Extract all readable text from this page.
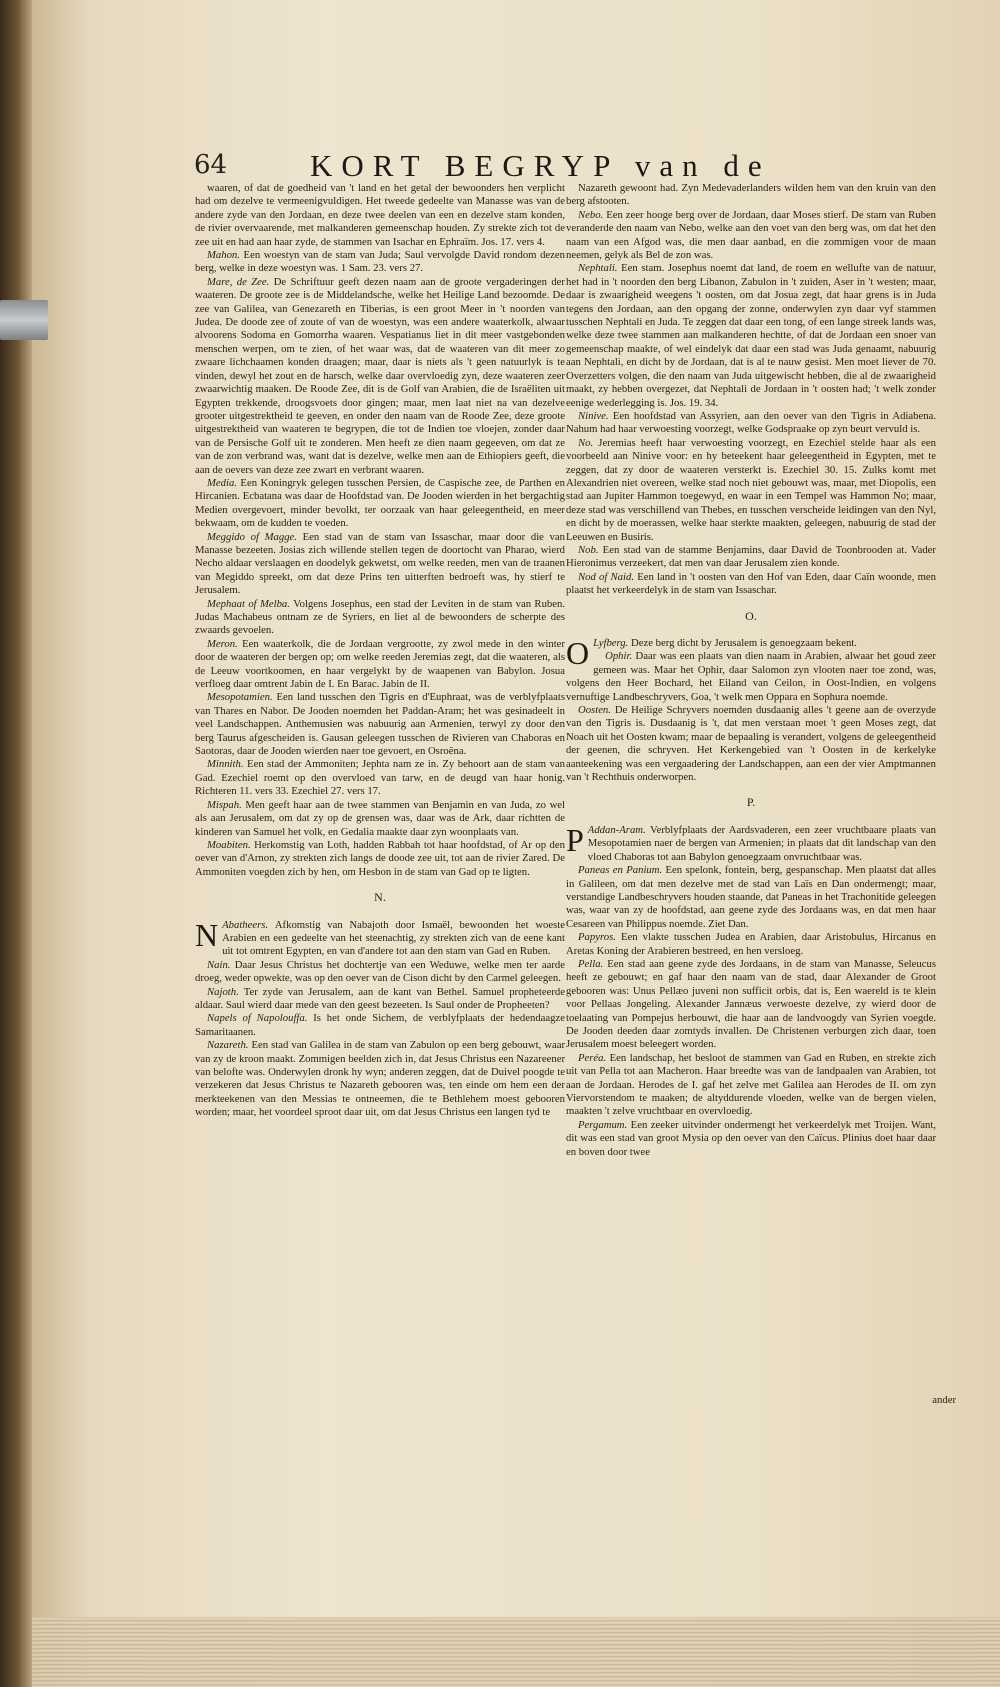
64	KORT BEGRYP van de

waaren, of dat de goedheid van 't land en het getal der bewoonders hen verplicht had om dezelve te vermeenigvuldigen. Het tweede gedeelte van Manasse was van de andere zyde van den Jordaan, en deze twee deelen van een en dezelve stam konden, de rivier overvaarende, met malkanderen gemeenschap houden. Zy strekte zich tot de zee uit en had aan haar zyde, de stammen van Isachar en Ephraïm. Jos. 17. vers 4.

Mahon. Een woestyn van de stam van Juda; Saul vervolgde David rondom dezen berg, welke in deze woestyn was. 1 Sam. 23. vers 27.

Mare, de Zee. De Schriftuur geeft dezen naam aan de groote vergaderingen der waateren. De groote zee is de Middelandsche, welke het Heilige Land bezoomde. De zee van Galilea, van Genezareth en Tiberias, is een groot Meer in 't noorden van Judea. De doode zee of zoute of van de woestyn, was een andere waaterkolk, alwaar alvoorens Sodoma en Gomorrha waaren. Vespatianus liet in dit meer vastgebonden menschen werpen, om te zien, of het waar was, dat de waateren van dit meer zo zwaare lichchaamen konden draagen; maar, daar is niets als 't geen natuurlyk is te vinden, dewyl het zout en de harsch, welke daar overvloedig zyn, deze waateren zeer zwaarwichtig maaken. De Roode Zee, dit is de Golf van Arabien, die de Israëliten uit Egypten trekkende, droogsvoets door gingen; maar, men laat niet na van dezelve grooter uitgestrektheid te geeven, en onder den naam van de Roode Zee, deze groote uitgestrektheid van waateren te begrypen, die tot de Indien toe vloejen, zonder daar van de Persische Golf uit te zonderen. Men heeft ze dien naam gegeeven, om dat ze van de zon verbrand was, want dat is dezelve, welke men aan de Ethiopiers geeft, die aan de oevers van deze zee zwart en verbrant waaren.

Media. Een Koningryk gelegen tusschen Persien, de Caspische zee, de Parthen en Hircanien. Ecbatana was daar de Hoofdstad van. De Jooden wierden in het bergachtig Medien overgevoert, minder bevolkt, ter oorzaak van haar geleegentheid, en meer bekwaam, om de kudden te voeden.

Meggido of Magge. Een stad van de stam van Issaschar, maar door die van Manasse bezeeten. Josias zich willende stellen tegen de doortocht van Pharao, wierd Necho aldaar verslaagen en doodelyk gekwetst, om welke reeden, men van de traanen van Megiddo spreekt, om dat deze Prins ten uitterften bedroeft was, hy stierf te Jerusalem.

Mephaat of Melba. Volgens Josephus, een stad der Leviten in de stam van Ruben. Judas Machabeus ontnam ze de Syriers, en liet al de bewoonders de scherpte des zwaards gevoelen.

Meron. Een waaterkolk, die de Jordaan vergrootte, zy zwol mede in den winter door de waateren der bergen op; om welke reeden Jeremias zegt, dat die waateren, als de Leeuw voortkoomen, en haar vergelykt by de waapenen van Babylon. Josua verfloeg daar omtrent Jabin de I. En Barac. Jabin de II.

Mesopotamien. Een land tusschen den Tigris en d'Euphraat, was de verblyfplaats van Thares en Nabor. De Jooden noemden het Paddan-Aram; het was gesinadeelt in veel Landschappen. Anthemusien was nabuurig aan Armenien, terwyl zy door den berg Taurus afgescheiden is. Gausan geleegen tusschen de Rivieren van Chaboras en Saotoras, daar de Jooden wierden naer toe gevoert, en Osroëna.

Minnith. Een stad der Ammoniten; Jephta nam ze in. Zy behoort aan de stam van Gad. Ezechiel roemt op den overvloed van tarw, en de deugd van haar honig. Richteren 11. vers 33. Ezechiel 27. vers 17.

Mispah. Men geeft haar aan de twee stammen van Benjamin en van Juda, zo wel als aan Jerusalem, om dat zy op de grensen was, daar was de Ark, daar richtten de kinderen van Samuel het volk, en Gedalia maakte daar zyn woonplaats van.

Moabiten. Herkomstig van Loth, hadden Rabbah tot haar hoofdstad, of Ar op den oever van d'Arnon, zy strekten zich langs de doode zee uit, tot aan de rivier Zared. De Ammoniten voegden zich by hen, om Hesbon in de stam van Gad op te ligten.

N.

N Abatheers. Afkomstig van Nabajoth door Ismaël, bewoonden het woeste Arabien en een gedeelte van het steenachtig, zy strekten zich van de eene kant uit tot omtrent Egypten, en van d'andere tot aan den stam van Gad en Ruben.

Nain. Daar Jesus Christus het dochtertje van een Weduwe, welke men ter aarde droeg, weder opwekte, was op den oever van de Cison dicht by den Carmel geleegen.

Najoth. Ter zyde van Jerusalem, aan de kant van Bethel. Samuel propheteerde aldaar. Saul wierd daar mede van den geest bezeeten. Is Saul onder de Propheeten?

Napels of Napolouffa. Is het onde Sichem, de verblyfplaats der hedendaagze Samaritaanen.

Nazareth. Een stad van Galilea in de stam van Zabulon op een berg gebouwt, waar van zy de kroon maakt. Zommigen beelden zich in, dat Jesus Christus een Nazareener van belofte was. Onderwylen dronk hy wyn; anderen zeggen, dat de Duivel poogde te verzekeren dat Jesus Christus te Nazareth gebooren was, ten einde om hem een der merkteekenen van den Messias te ontneemen, die te Bethlehem moest gebooren worden; maar, het voordeel sproot daar uit, om dat Jesus Christus een langen tyd te

Nazareth gewoont had. Zyn Medevaderlanders wilden hem van den kruin van den berg afstooten.

Nebo. Een zeer hooge berg over de Jordaan, daar Moses stierf. De stam van Ruben veranderde den naam van Nebo, welke aan den voet van den berg was, om dat het den naam van een Afgod was, die men daar aanbad, en die zommigen voor de maan neemen, gelyk als Bel de zon was.

Nephtali. Een stam. Josephus noemt dat land, de roem en wellufte van de natuur, het had in 't noorden den berg Libanon, Zabulon in 't zuiden, Aser in 't westen; maar, daar is zwaarigheid weegens 't oosten, om dat Josua zegt, dat haar grens is in Juda tegens den Jordaan, aan den opgang der zonne, onderwylen zyn daar vyf stammen tusschen Nephtali en Juda. Te zeggen dat daar een tong, of een lange streek lands was, welke deze twee stammen aan malkanderen hechtte, of dat de Jordaan een snoer van gemeenschap maakte, of wel eindelyk dat daar een stad was Juda genaamt, nabuurig aan Nephtali, en dicht by de Jordaan, dat is al te nauw gesist. Men moet liever de 70. Overzetters volgen, die den naam van Juda uitgewischt hebben, die al de zwaarigheid maakt, zy hebben overgezet, dat Nephtali de Jordaan in 't oosten had; 't welk zonder eenige wederlegging is. Jos. 19. 34.

Ninive. Een hoofdstad van Assyrien, aan den oever van den Tigris in Adiabena. Nahum had haar verwoesting voorzegt, welke Godspraake op zyn beurt vervuld is.

No. Jeremias heeft haar verwoesting voorzegt, en Ezechiel stelde haar als een voorbeeld aan Ninive voor: en hy beteekent haar geleegentheid in Egypten, met te zeggen, dat zy door de waateren versterkt is. Ezechiel 30. 15. Zulks komt met Alexandrien niet overeen, welke stad noch niet gebouwt was, maar, met Diopolis, een stad aan Jupiter Hammon toegewyd, en waar in een Tempel was Hammon No; maar, deze stad was verschillend van Thebes, en tusschen verscheide leidingen van den Nyl, en dicht by de moerassen, welke haar sterkte maakten, geleegen, nabuurig de stad der Leeuwen en Busiris.

Nob. Een stad van de stamme Benjamins, daar David de Toonbrooden at. Vader Hieronimus verzeekert, dat men van daar Jerusalem zien konde.

Nod of Naid. Een land in 't oosten van den Hof van Eden, daar Caïn woonde, men plaatst het verkeerdelyk in de stam van Issaschar.

O.

O Lyfberg. Deze berg dicht by Jerusalem is genoegzaam bekent.

Ophir. Daar was een plaats van dien naam in Arabien, alwaar het goud zeer gemeen was. Maar het Ophir, daar Salomon zyn vlooten naer toe zond, was, volgens den Heer Bochard, het Eiland van Ceilon, in Oost-Indien, en volgens vernuftige Landbeschryvers, Goa, 't welk men Oppara en Sophura noemde.

Oosten. De Heilige Schryvers noemden dusdaanig alles 't geene aan de overzyde van den Tigris is. Dusdaanig is 't, dat men verstaan moet 't geen Moses zegt, dat Noach uit het Oosten kwam; maar de bepaaling is verandert, volgens de geleegentheid der geenen, die schryven. Het Kerkengebied van 't Oosten in de kerkelyke aanteekening was een vergaadering der Landschappen, aan een der vier Amptmannen van 't Rechthuis onderworpen.

P.

P Addan-Aram. Verblyfplaats der Aardsvaderen, een zeer vruchtbaare plaats van Mesopotamien naer de bergen van Armenien; in plaats dat dit landschap van den vloed Chaboras tot aan Babylon genoegzaam onvruchtbaar was.

Paneas en Panium. Een spelonk, fontein, berg, gespanschap. Men plaatst dat alles in Galileen, om dat men dezelve met de stad van Laïs en Dan ondermengt; maar, verstandige Landbeschryvers houden staande, dat Paneas in het Trachonitide geleegen was, waar van zy de hoofdstad, aan geene zyde des Jordaans was, en dat men haar Cesareen van Philippus noemde. Ziet Dan.

Papyros. Een vlakte tusschen Judea en Arabien, daar Aristobulus, Hircanus en Aretas Koning der Arabieren bestreed, en hen versloeg.

Pella. Een stad aan geene zyde des Jordaans, in de stam van Manasse, Seleucus heeft ze gebouwt; en gaf haar den naam van de stad, daar Alexander de Groot gebooren was: Unus Pellæo juveni non sufficit orbis, dat is, Een waereld is te klein voor Pellaas Jongeling. Alexander Jannæus verwoeste dezelve, zy wierd door de toelaating van Pompejus herbouwt, die haar aan de landvoogdy van Syrien voegde. De Jooden deeden daar zomtyds invallen. De Christenen verburgen zich daar, toen Jerusalem moest beleegert worden.

Peréa. Een landschap, het besloot de stammen van Gad en Ruben, en strekte zich uit van Pella tot aan Macheron. Haar breedte was van de landpaalen van Arabien, tot aan de Jordaan. Herodes de I. gaf het zelve met Galilea aan Herodes de II. om zyn Viervorstendom te maaken; de altyddurende vloeden, welke van de bergen vielen, maakten 't zelve vruchtbaar en overvloedig.

Pergamum. Een zeeker uitvinder ondermengt het verkeerdelyk met Troijen. Want, dit was een stad van groot Mysia op den oever van den Caïcus. Plinius doet haar daar en boven door twee

ander
